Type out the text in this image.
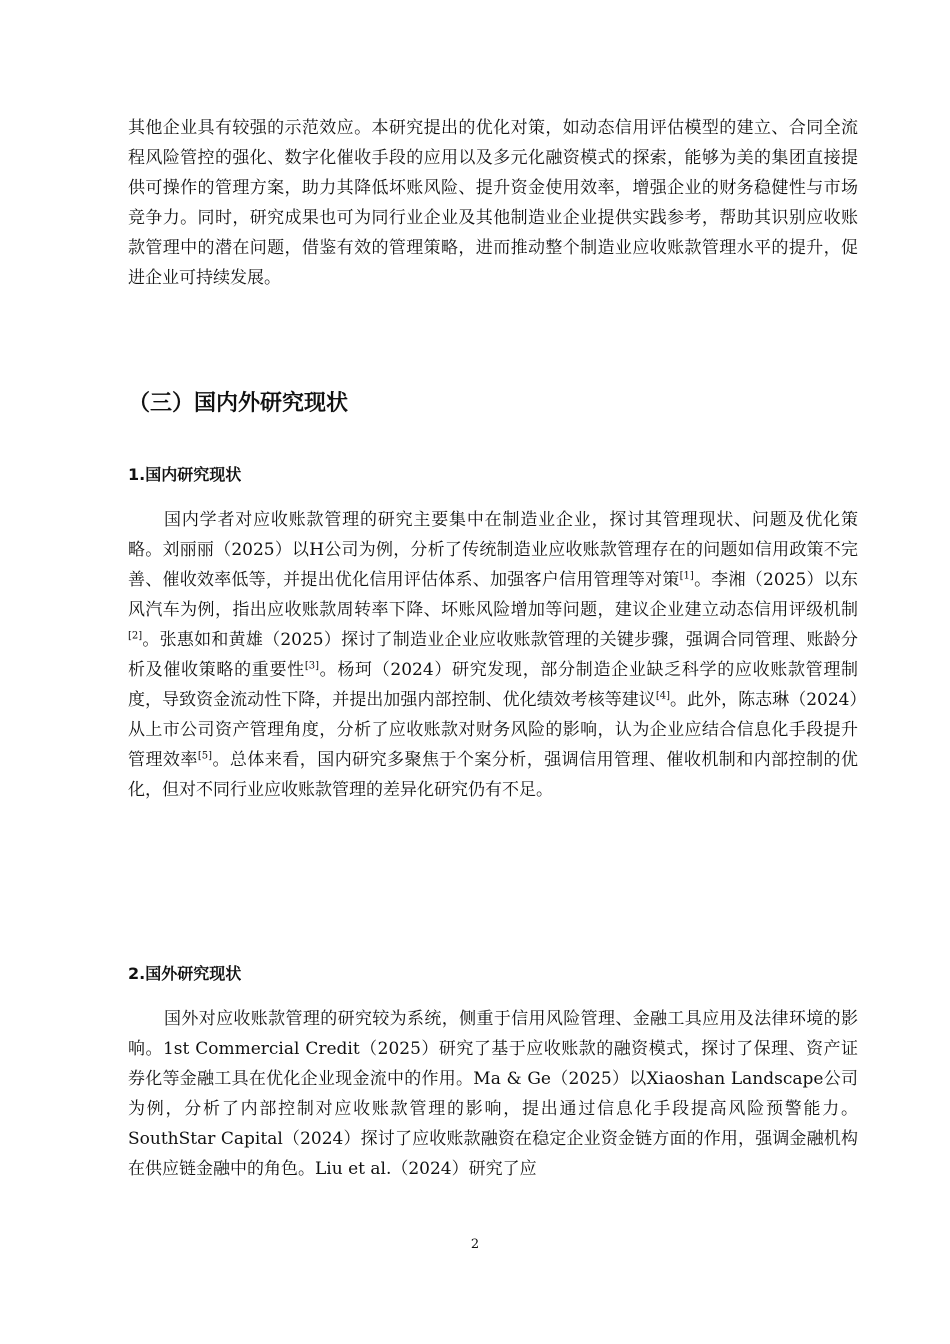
其他企业具有较强的示范效应。本研究提出的优化对策，如动态信用评估模型的建立、合同全流程风险管控的强化、数字化催收手段的应用以及多元化融资模式的探索，能够为美的集团直接提供可操作的管理方案，助力其降低坏账风险、提升资金使用效率，增强企业的财务稳健性与市场竞争力。同时，研究成果也可为同行业企业及其他制造业企业提供实践参考，帮助其识别应收账款管理中的潜在问题，借鉴有效的管理策略，进而推动整个制造业应收账款管理水平的提升，促进企业可持续发展。

（三）国内外研究现状
1.国内研究现状

国内学者对应收账款管理的研究主要集中在制造业企业，探讨其管理现状、问题及优化策略。刘丽丽（2025）以H公司为例，分析了传统制造业应收账款管理存在的问题如信用政策不完善、催收效率低等，并提出优化信用评估体系、加强客户信用管理等对策[1]。李湘（2025）以东风汽车为例，指出应收账款周转率下降、坏账风险增加等问题，建议企业建立动态信用评级机制[2]。张惠如和黄雄（2025）探讨了制造业企业应收账款管理的关键步骤，强调合同管理、账龄分析及催收策略的重要性[3]。杨珂（2024）研究发现，部分制造企业缺乏科学的应收账款管理制度，导致资金流动性下降，并提出加强内部控制、优化绩效考核等建议[4]。此外，陈志琳（2024）从上市公司资产管理角度，分析了应收账款对财务风险的影响，认为企业应结合信息化手段提升管理效率[5]。总体来看，国内研究多聚焦于个案分析，强调信用管理、催收机制和内部控制的优化，但对不同行业应收账款管理的差异化研究仍有不足。

2.国外研究现状

国外对应收账款管理的研究较为系统，侧重于信用风险管理、金融工具应用及法律环境的影响。1st Commercial Credit（2025）研究了基于应收账款的融资模式，探讨了保理、资产证券化等金融工具在优化企业现金流中的作用。Ma & Ge（2025）以Xiaoshan Landscape公司为例，分析了内部控制对应收账款管理的影响，提出通过信息化手段提高风险预警能力。SouthStar Capital（2024）探讨了应收账款融资在稳定企业资金链方面的作用，强调金融机构在供应链金融中的角色。Liu et al.（2024）研究了应

2
